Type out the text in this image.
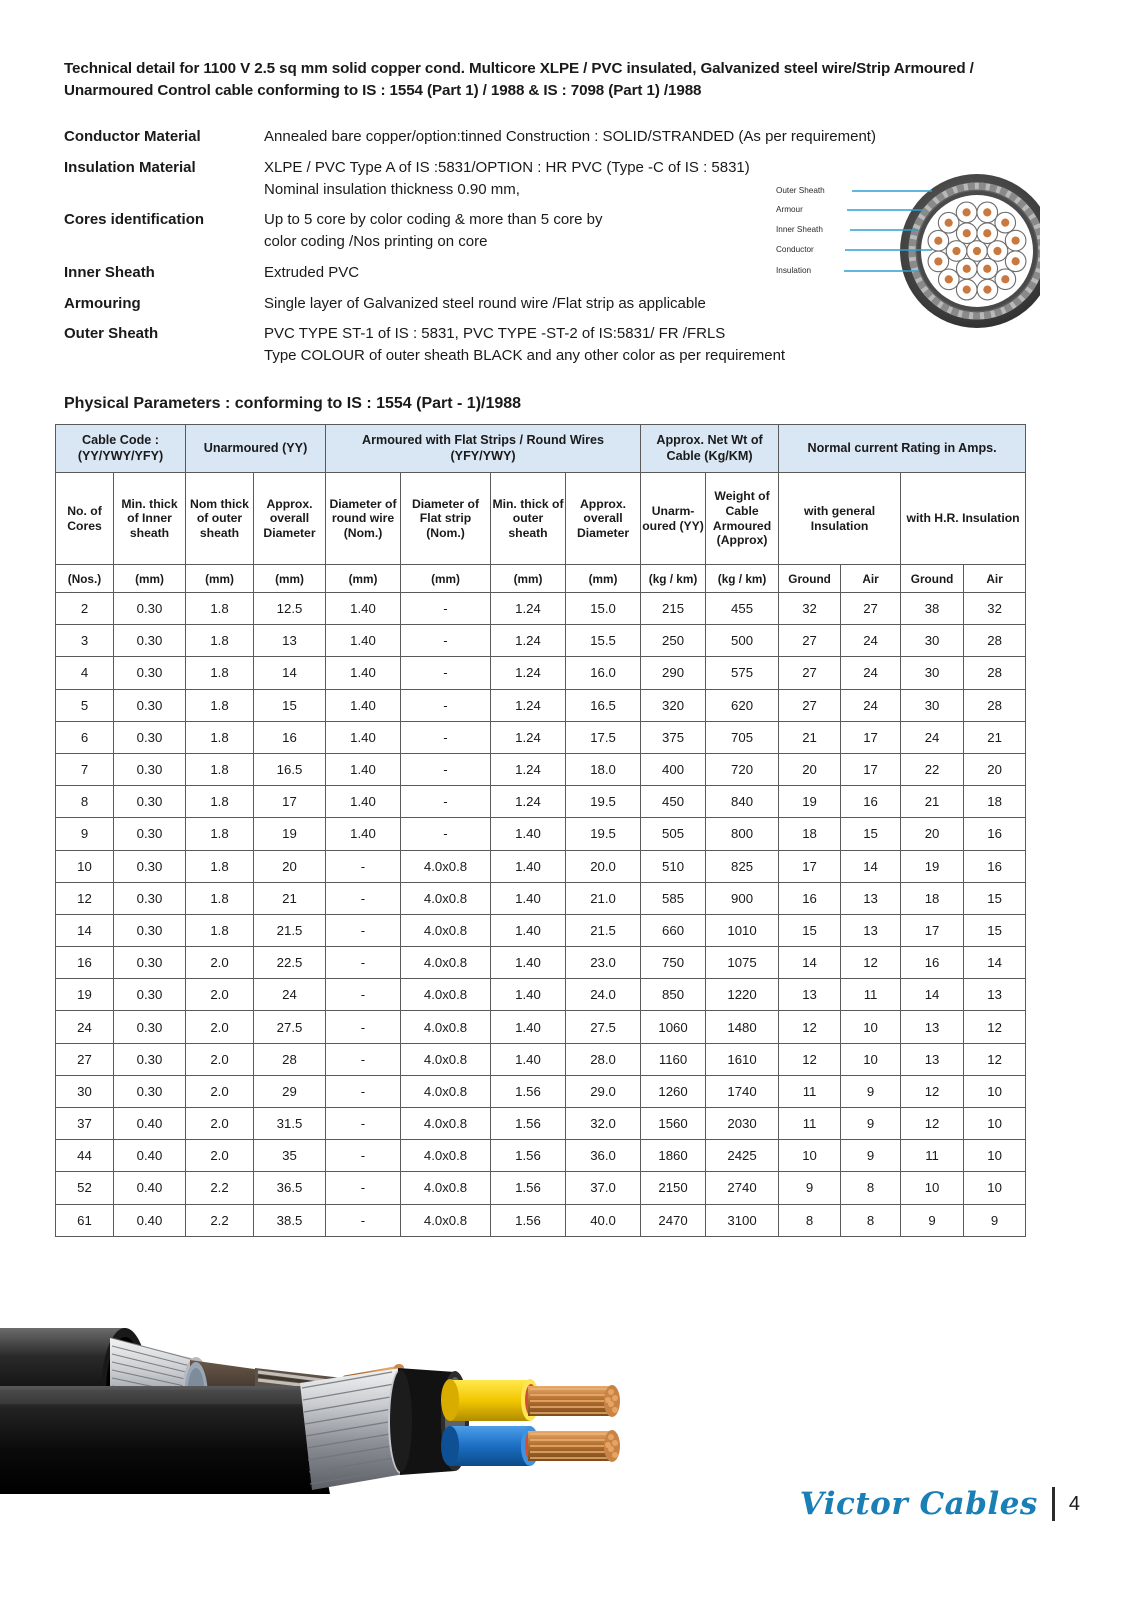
Technical detail for 1100 V 2.5 sq mm solid copper cond. Multicore XLPE / PVC insulated, Galvanized steel wire/Strip Armoured / Unarmoured Control cable conforming to IS : 1554 (Part 1) / 1988 & IS : 7098 (Part 1) /1988
Conductor Material	Annealed bare copper/option:tinned Construction : SOLID/STRANDED (As per requirement)
Insulation Material	XLPE / PVC Type A of IS :5831/OPTION : HR PVC (Type -C of IS : 5831)
Nominal insulation thickness 0.90 mm,
Cores identification	Up to 5 core by color coding & more than 5 core by
color coding /Nos printing on core
Inner Sheath	Extruded PVC
Armouring	Single layer of Galvanized steel round wire /Flat strip as applicable
Outer Sheath	PVC TYPE ST-1 of IS : 5831, PVC TYPE -ST-2 of IS:5831/ FR /FRLS
Type COLOUR of outer sheath BLACK and any other color as per requirement
Outer Sheath
Armour
Inner Sheath
Conductor
Insulation
Physical Parameters : conforming to IS : 1554 (Part - 1)/1988
Cable Code : (YY/YWY/YFY)		Unarmoured (YY)		Armoured with Flat Strips / Round Wires (YFY/YWY)				Approx. Net Wt of Cable (Kg/KM)		Normal current Rating in Amps.			
No. of Cores	Min. thick of Inner sheath	Nom thick of outer sheath	Approx. overall Diameter	Diameter of round wire (Nom.)	Diameter of Flat strip (Nom.)	Min. thick of outer sheath	Approx. overall Diameter	Unarm-oured (YY)	Weight of Cable Armoured (Approx)	with general Insulation		with H.R. Insulation	
(Nos.)	(mm)	(mm)	(mm)	(mm)	(mm)	(mm)	(mm)	(kg / km)	(kg / km)	Ground	Air	Ground	Air
2	0.30	1.8	12.5	1.40	-	1.24	15.0	215	455	32	27	38	32
3	0.30	1.8	13	1.40	-	1.24	15.5	250	500	27	24	30	28
4	0.30	1.8	14	1.40	-	1.24	16.0	290	575	27	24	30	28
5	0.30	1.8	15	1.40	-	1.24	16.5	320	620	27	24	30	28
6	0.30	1.8	16	1.40	-	1.24	17.5	375	705	21	17	24	21
7	0.30	1.8	16.5	1.40	-	1.24	18.0	400	720	20	17	22	20
8	0.30	1.8	17	1.40	-	1.24	19.5	450	840	19	16	21	18
9	0.30	1.8	19	1.40	-	1.40	19.5	505	800	18	15	20	16
10	0.30	1.8	20	-	4.0x0.8	1.40	20.0	510	825	17	14	19	16
12	0.30	1.8	21	-	4.0x0.8	1.40	21.0	585	900	16	13	18	15
14	0.30	1.8	21.5	-	4.0x0.8	1.40	21.5	660	1010	15	13	17	15
16	0.30	2.0	22.5	-	4.0x0.8	1.40	23.0	750	1075	14	12	16	14
19	0.30	2.0	24	-	4.0x0.8	1.40	24.0	850	1220	13	11	14	13
24	0.30	2.0	27.5	-	4.0x0.8	1.40	27.5	1060	1480	12	10	13	12
27	0.30	2.0	28	-	4.0x0.8	1.40	28.0	1160	1610	12	10	13	12
30	0.30	2.0	29	-	4.0x0.8	1.56	29.0	1260	1740	11	9	12	10
37	0.40	2.0	31.5	-	4.0x0.8	1.56	32.0	1560	2030	11	9	12	10
44	0.40	2.0	35	-	4.0x0.8	1.56	36.0	1860	2425	10	9	11	10
52	0.40	2.2	36.5	-	4.0x0.8	1.56	37.0	2150	2740	9	8	10	10
61	0.40	2.2	38.5	-	4.0x0.8	1.56	40.0	2470	3100	8	8	9	9
Victor Cables 4
